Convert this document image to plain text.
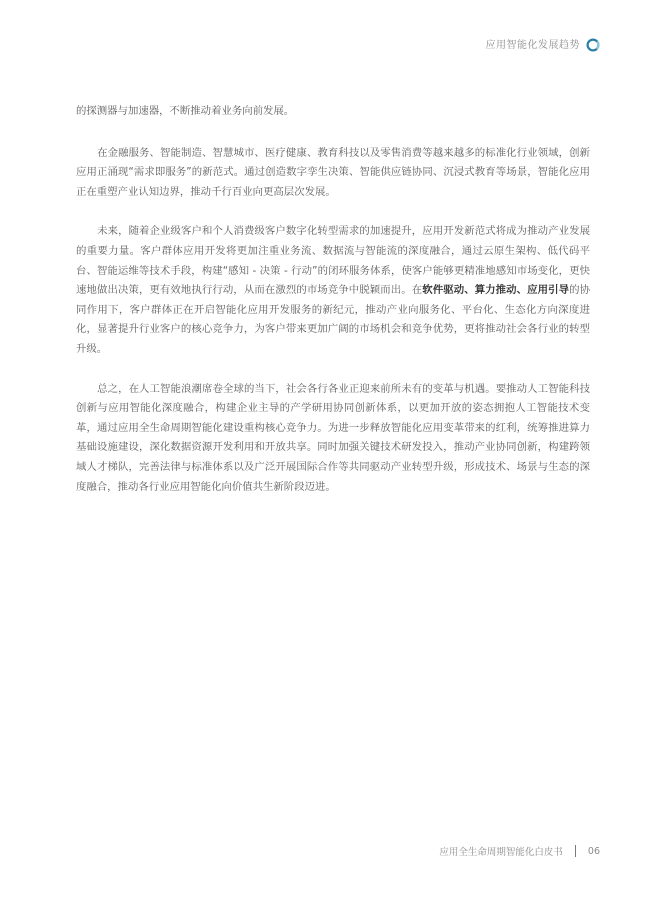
应用智能化发展趋势

的探测器与加速器，不断推动着业务向前发展。

在金融服务、智能制造、智慧城市、医疗健康、教育科技以及零售消费等越来越多的标准化行业领域，创新应用正涌现“需求即服务”的新范式。通过创造数字孪生决策、智能供应链协同、沉浸式教育等场景，智能化应用正在重塑产业认知边界，推动千行百业向更高层次发展。

未来，随着企业级客户和个人消费级客户数字化转型需求的加速提升，应用开发新范式将成为推动产业发展的重要力量。客户群体应用开发将更加注重业务流、数据流与智能流的深度融合，通过云原生架构、低代码平台、智能运维等技术手段，构建“感知 - 决策 - 行动”的闭环服务体系，使客户能够更精准地感知市场变化，更快速地做出决策，更有效地执行行动，从而在激烈的市场竞争中脱颖而出。在软件驱动、算力推动、应用引导的协同作用下，客户群体正在开启智能化应用开发服务的新纪元，推动产业向服务化、平台化、生态化方向深度进化，显著提升行业客户的核心竞争力，为客户带来更加广阔的市场机会和竞争优势，更将推动社会各行业的转型升级。

总之，在人工智能浪潮席卷全球的当下，社会各行各业正迎来前所未有的变革与机遇。要推动人工智能科技创新与应用智能化深度融合，构建企业主导的产学研用协同创新体系，以更加开放的姿态拥抱人工智能技术变革，通过应用全生命周期智能化建设重构核心竞争力。为进一步释放智能化应用变革带来的红利，统筹推进算力基础设施建设，深化数据资源开发利用和开放共享。同时加强关键技术研发投入，推动产业协同创新，构建跨领域人才梯队，完善法律与标准体系以及广泛开展国际合作等共同驱动产业转型升级，形成技术、场景与生态的深度融合，推动各行业应用智能化向价值共生新阶段迈进。

应用全生命周期智能化白皮书	06
